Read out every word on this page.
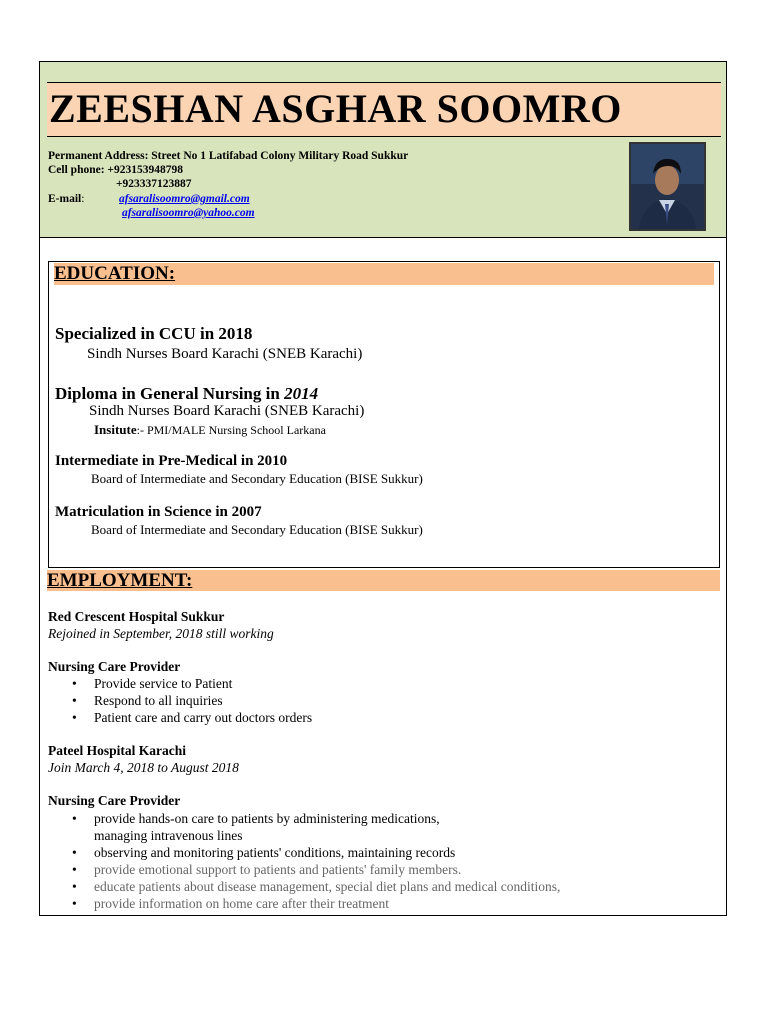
ZEESHAN ASGHAR SOOMRO
Permanent Address: Street No 1 Latifabad Colony Military Road Sukkur
Cell phone: +923153948798
+923337123887
E-mail:	afsaralisoomro@gmail.com
afsaralisoomro@yahoo.com
EDUCATION:
Specialized in CCU in 2018
Sindh Nurses Board Karachi (SNEB Karachi)
Diploma in General Nursing in 2014
Sindh Nurses Board Karachi (SNEB Karachi)
Insitute:- PMI/MALE Nursing School Larkana
Intermediate in Pre-Medical in 2010
Board of Intermediate and Secondary Education (BISE Sukkur)
Matriculation in Science in 2007
Board of Intermediate and Secondary Education (BISE Sukkur)
EMPLOYMENT:
Red Crescent Hospital Sukkur
Rejoined in September, 2018 still working
Nursing Care Provider
• Provide service to Patient
• Respond to all inquiries
• Patient care and carry out doctors orders
Pateel Hospital Karachi
Join March 4, 2018 to August 2018
Nursing Care Provider
• provide hands-on care to patients by administering medications,
managing intravenous lines
• observing and monitoring patients' conditions, maintaining records
• provide emotional support to patients and patients' family members.
• educate patients about disease management, special diet plans and medical conditions,
• provide information on home care after their treatment
